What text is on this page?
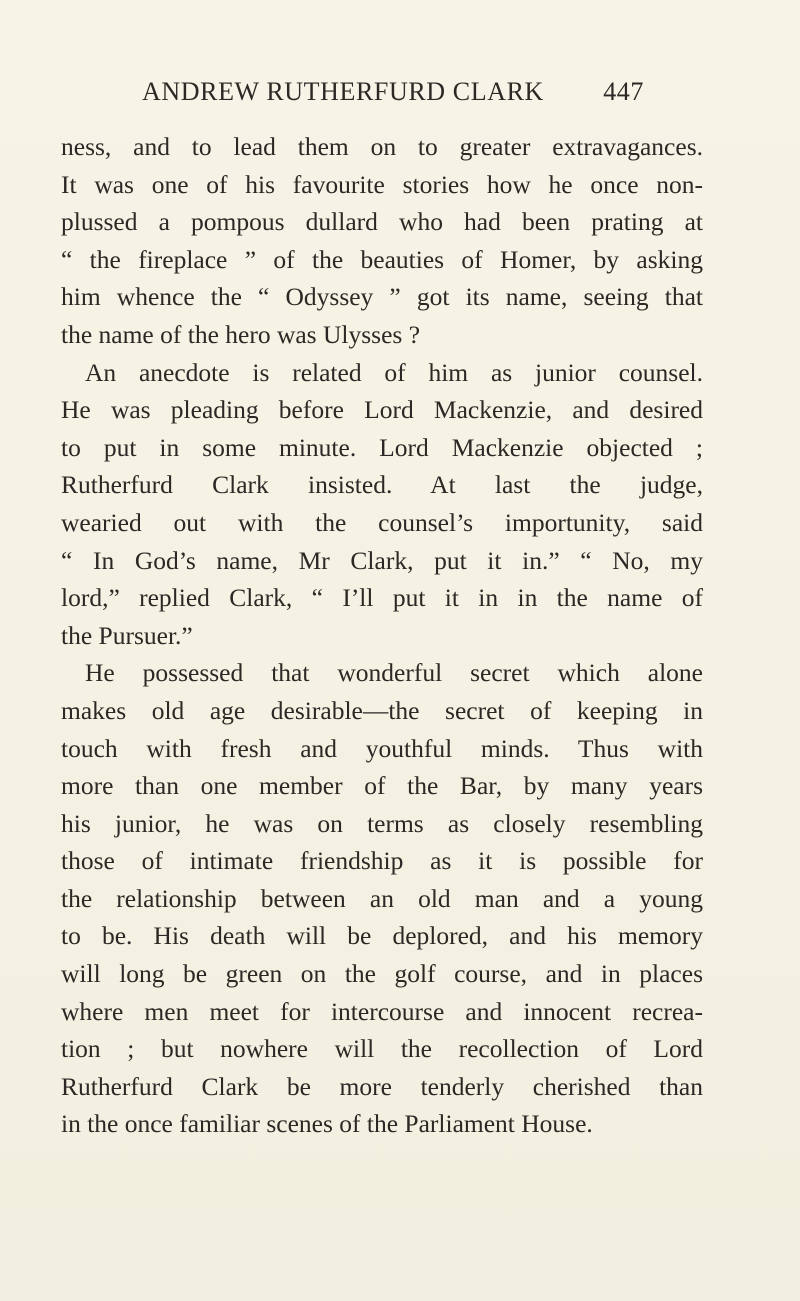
ANDREW RUTHERFURD CLARK 447
ness, and to lead them on to greater extravagances.
It was one of his favourite stories how he once non-
plussed a pompous dullard who had been prating at
“ the fireplace ” of the beauties of Homer, by asking
him whence the “ Odyssey ” got its name, seeing that
the name of the hero was Ulysses ?
An anecdote is related of him as junior counsel.
He was pleading before Lord Mackenzie, and desired
to put in some minute. Lord Mackenzie objected ;
Rutherfurd Clark insisted. At last the judge,
wearied out with the counsel’s importunity, said
“ In God’s name, Mr Clark, put it in.” “ No, my
lord,” replied Clark, “ I’ll put it in in the name of
the Pursuer.”
He possessed that wonderful secret which alone
makes old age desirable—the secret of keeping in
touch with fresh and youthful minds. Thus with
more than one member of the Bar, by many years
his junior, he was on terms as closely resembling
those of intimate friendship as it is possible for
the relationship between an old man and a young
to be. His death will be deplored, and his memory
will long be green on the golf course, and in places
where men meet for intercourse and innocent recrea-
tion ; but nowhere will the recollection of Lord
Rutherfurd Clark be more tenderly cherished than
in the once familiar scenes of the Parliament House.
